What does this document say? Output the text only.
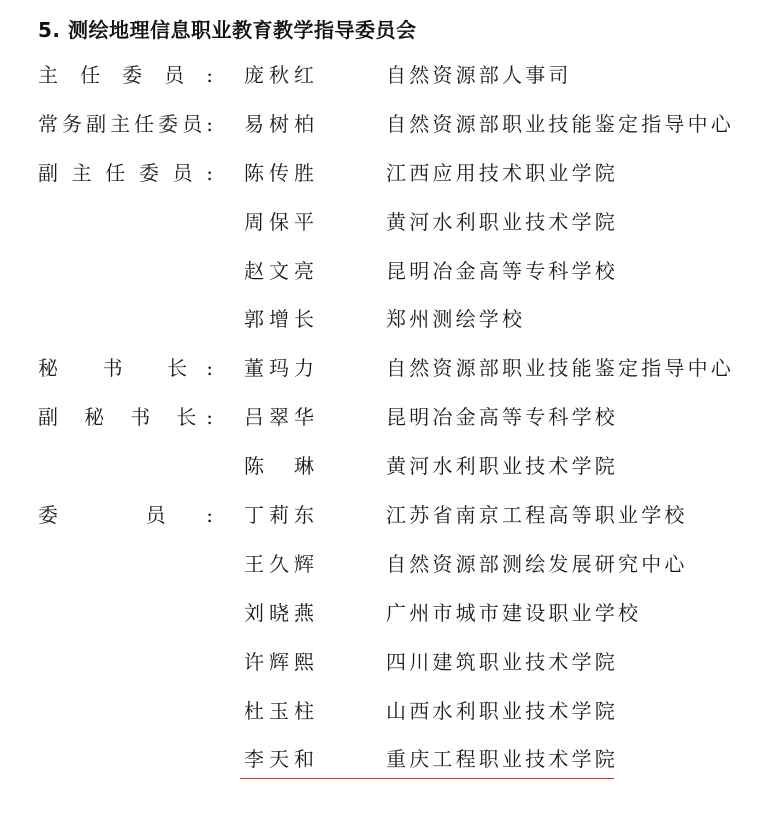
5. 测绘地理信息职业教育教学指导委员会
主 任 委 员 : 庞秋红	自然资源部人事司
常务副主任委员: 易树柏	自然资源部职业技能鉴定指导中心
副 主 任 委 员 : 陈传胜	江西应用技术职业学院
周保平	黄河水利职业技术学院
赵文亮	昆明冶金高等专科学校
郭增长	郑州测绘学校
秘 书 长: 董玛力	自然资源部职业技能鉴定指导中心
副 秘 书 长: 吕翠华	昆明冶金高等专科学校
陈 琳	黄河水利职业技术学院
委 员: 丁莉东	江苏省南京工程高等职业学校
王久辉	自然资源部测绘发展研究中心
刘晓燕	广州市城市建设职业学校
许辉熙	四川建筑职业技术学院
杜玉柱	山西水利职业技术学院
李天和	重庆工程职业技术学院
